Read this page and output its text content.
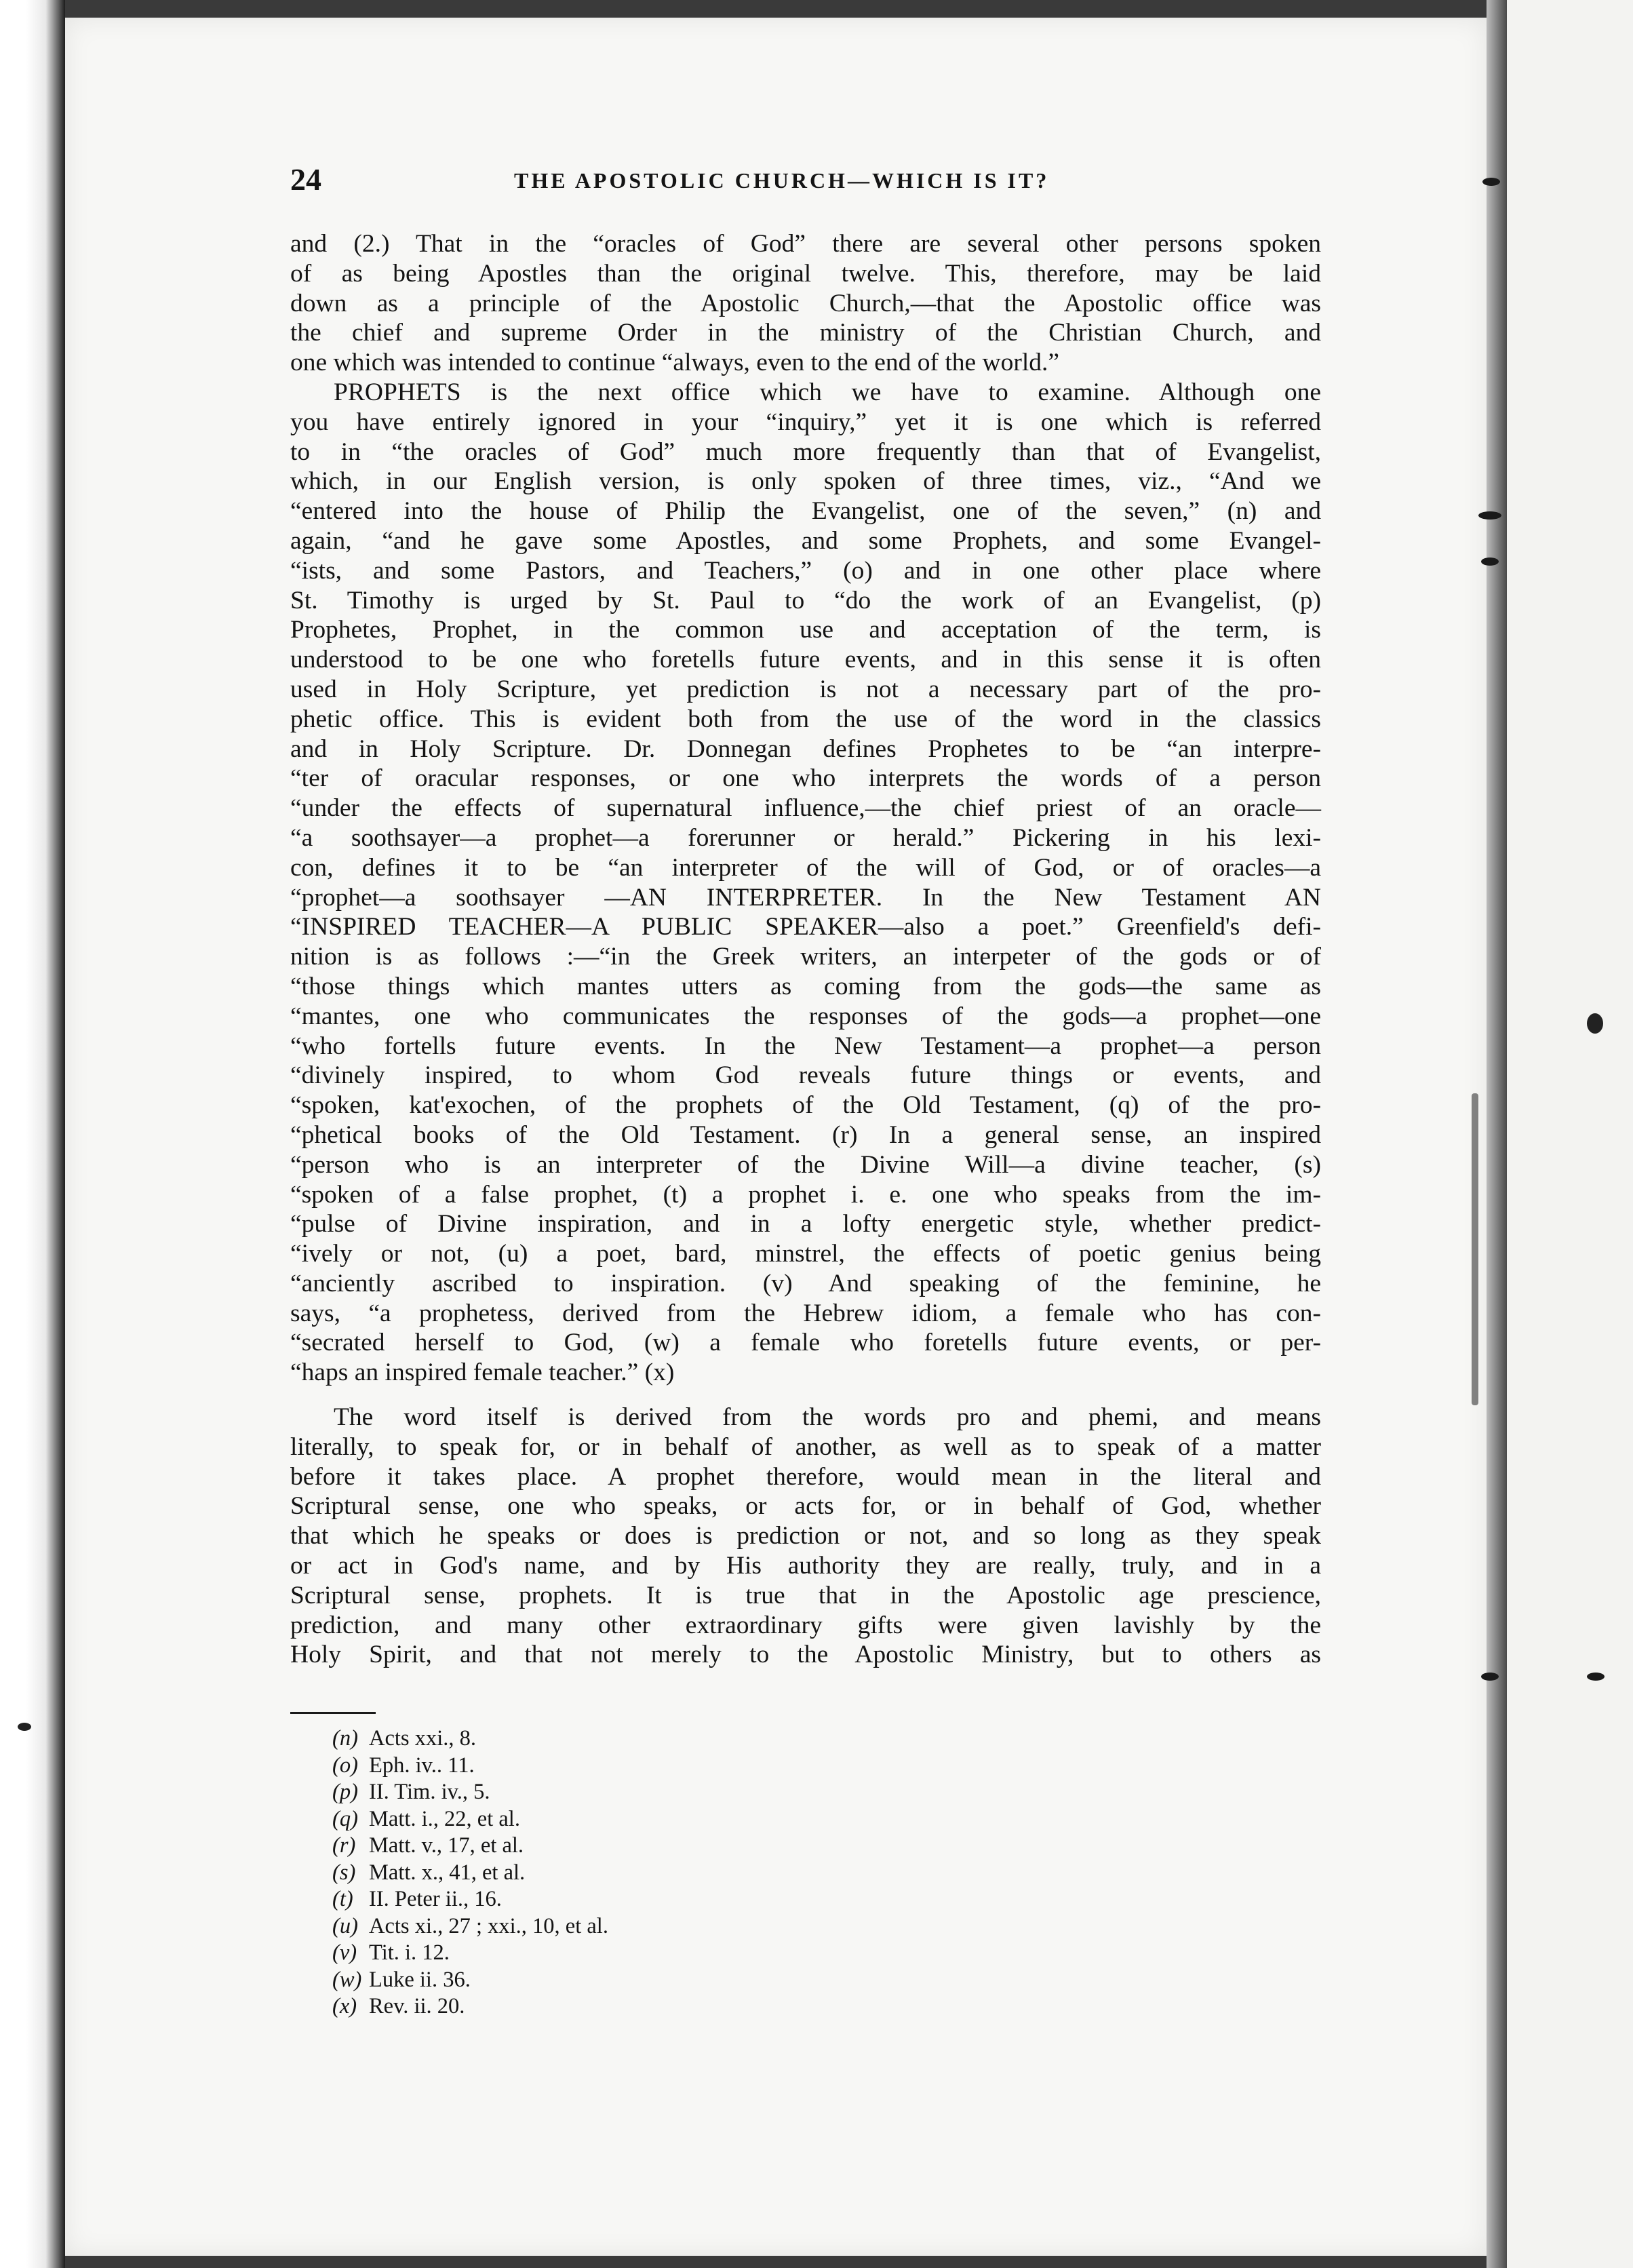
24	THE APOSTOLIC CHURCH—WHICH IS IT?
and (2.) That in the “oracles of God” there are several other persons spoken
of as being Apostles than the original twelve. This, therefore, may be laid
down as a principle of the Apostolic Church,—that the Apostolic office was
the chief and supreme Order in the ministry of the Christian Church, and
one which was intended to continue “always, even to the end of the world.”
PROPHETS is the next office which we have to examine. Although one
you have entirely ignored in your “inquiry,” yet it is one which is referred
to in “the oracles of God” much more frequently than that of Evangelist,
which, in our English version, is only spoken of three times, viz., “And we
“entered into the house of Philip the Evangelist, one of the seven,” (n) and
again, “and he gave some Apostles, and some Prophets, and some Evangel-
“ists, and some Pastors, and Teachers,” (o) and in one other place where
St. Timothy is urged by St. Paul to “do the work of an Evangelist, (p)
Prophetes, Prophet, in the common use and acceptation of the term, is
understood to be one who foretells future events, and in this sense it is often
used in Holy Scripture, yet prediction is not a necessary part of the pro-
phetic office. This is evident both from the use of the word in the classics
and in Holy Scripture. Dr. Donnegan defines Prophetes to be “an interpre-
“ter of oracular responses, or one who interprets the words of a person
“under the effects of supernatural influence,—the chief priest of an oracle—
“a soothsayer—a prophet—a forerunner or herald.” Pickering in his lexi-
con, defines it to be “an interpreter of the will of God, or of oracles—a
“prophet—a soothsayer —AN INTERPRETER. In the New Testament AN
“INSPIRED TEACHER—A PUBLIC SPEAKER—also a poet.” Greenfield's defi-
nition is as follows :—“in the Greek writers, an interpeter of the gods or of
“those things which mantes utters as coming from the gods—the same as
“mantes, one who communicates the responses of the gods—a prophet—one
“who fortells future events. In the New Testament—a prophet—a person
“divinely inspired, to whom God reveals future things or events, and
“spoken, kat'exochen, of the prophets of the Old Testament, (q) of the pro-
“phetical books of the Old Testament. (r) In a general sense, an inspired
“person who is an interpreter of the Divine Will—a divine teacher, (s)
“spoken of a false prophet, (t) a prophet i. e. one who speaks from the im-
“pulse of Divine inspiration, and in a lofty energetic style, whether predict-
“ively or not, (u) a poet, bard, minstrel, the effects of poetic genius being
“anciently ascribed to inspiration. (v) And speaking of the feminine, he
says, “a prophetess, derived from the Hebrew idiom, a female who has con-
“secrated herself to God, (w) a female who foretells future events, or per-
“haps an inspired female teacher.” (x)
The word itself is derived from the words pro and phemi, and means
literally, to speak for, or in behalf of another, as well as to speak of a matter
before it takes place. A prophet therefore, would mean in the literal and
Scriptural sense, one who speaks, or acts for, or in behalf of God, whether
that which he speaks or does is prediction or not, and so long as they speak
or act in God's name, and by His authority they are really, truly, and in a
Scriptural sense, prophets. It is true that in the Apostolic age prescience,
prediction, and many other extraordinary gifts were given lavishly by the
Holy Spirit, and that not merely to the Apostolic Ministry, but to others as
(n) Acts xxi., 8.
(o) Eph. iv.. 11.
(p) II. Tim. iv., 5.
(q) Matt. i., 22, et al.
(r) Matt. v., 17, et al.
(s) Matt. x., 41, et al.
(t) II. Peter ii., 16.
(u) Acts xi., 27 ; xxi., 10, et al.
(v) Tit. i. 12.
(w) Luke ii. 36.
(x) Rev. ii. 20.
